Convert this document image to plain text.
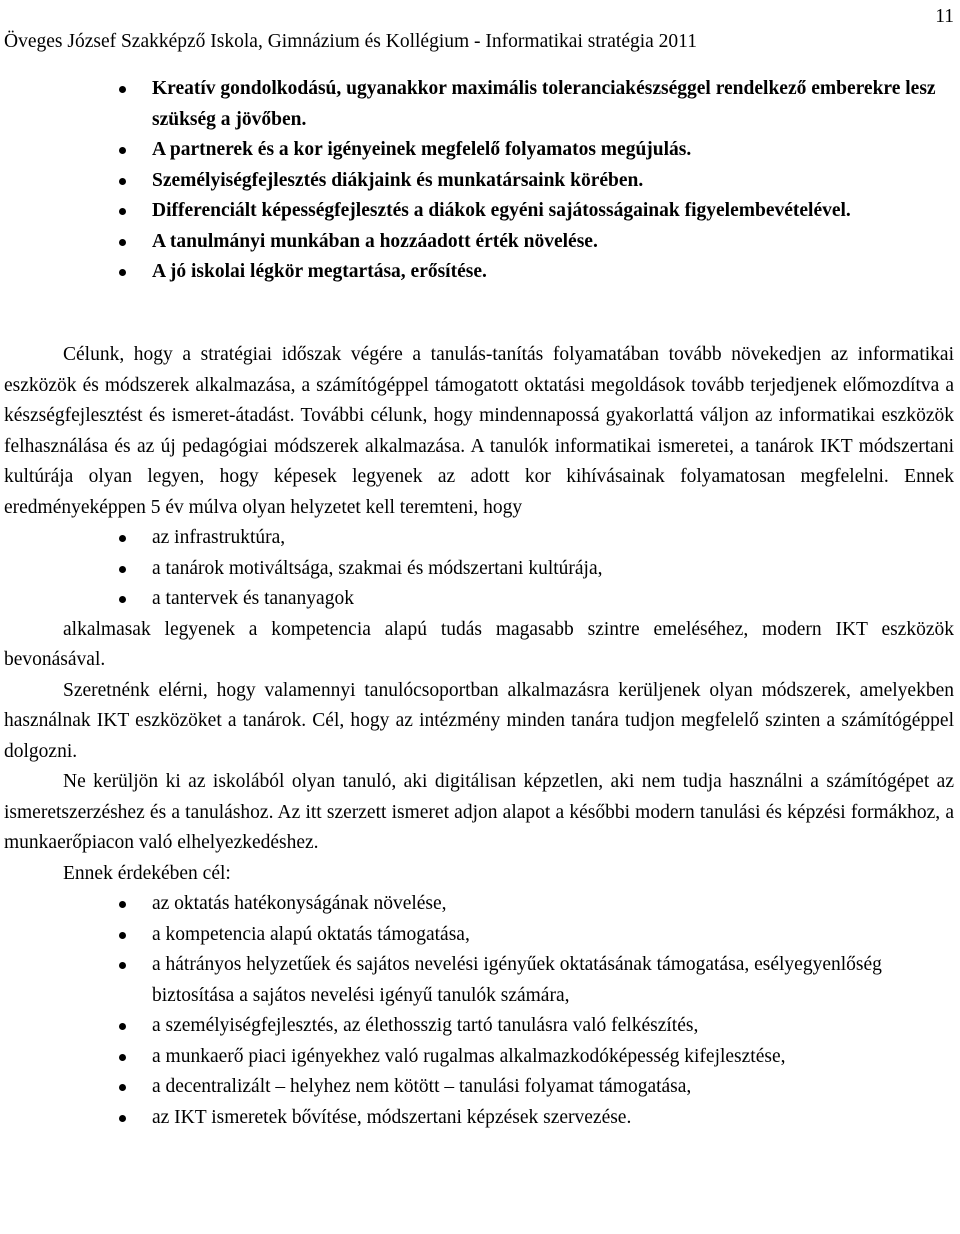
11
Öveges József Szakképző Iskola, Gimnázium és Kollégium - Informatikai stratégia 2011
Kreatív gondolkodású, ugyanakkor maximális toleranciakészséggel rendelkező emberekre lesz szükség a jövőben.
A partnerek és a kor igényeinek megfelelő folyamatos megújulás.
Személyiségfejlesztés diákjaink és munkatársaink körében.
Differenciált képességfejlesztés a diákok egyéni sajátosságainak figyelembevételével.
A tanulmányi munkában a hozzáadott érték növelése.
A jó iskolai légkör megtartása, erősítése.

Célunk, hogy a stratégiai időszak végére a tanulás-tanítás folyamatában tovább növekedjen az informatikai eszközök és módszerek alkalmazása, a számítógéppel támogatott oktatási megoldások tovább terjedjenek előmozdítva a készségfejlesztést és ismeret-átadást. További célunk, hogy mindennapossá gyakorlattá váljon az informatikai eszközök felhasználása és az új pedagógiai módszerek alkalmazása. A tanulók informatikai ismeretei, a tanárok IKT módszertani kultúrája olyan legyen, hogy képesek legyenek az adott kor kihívásainak folyamatosan megfelelni. Ennek eredményeképpen 5 év múlva olyan helyzetet kell teremteni, hogy

az infrastruktúra,
a tanárok motiváltsága, szakmai és módszertani kultúrája,
a tantervek és tananyagok

alkalmasak legyenek a kompetencia alapú tudás magasabb szintre emeléséhez, modern IKT eszközök bevonásával.

Szeretnénk elérni, hogy valamennyi tanulócsoportban alkalmazásra kerüljenek olyan módszerek, amelyekben használnak IKT eszközöket a tanárok. Cél, hogy az intézmény minden tanára tudjon megfelelő szinten a számítógéppel dolgozni.

Ne kerüljön ki az iskolából olyan tanuló, aki digitálisan képzetlen, aki nem tudja használni a számítógépet az ismeretszerzéshez és a tanuláshoz. Az itt szerzett ismeret adjon alapot a későbbi modern tanulási és képzési formákhoz, a munkaerőpiacon való elhelyezkedéshez.

Ennek érdekében cél:

az oktatás hatékonyságának növelése,
a kompetencia alapú oktatás támogatása,
a hátrányos helyzetűek és sajátos nevelési igényűek oktatásának támogatása, esélyegyenlőség biztosítása a sajátos nevelési igényű tanulók számára,
a személyiségfejlesztés, az élethosszig tartó tanulásra való felkészítés,
a munkaerő piaci igényekhez való rugalmas alkalmazkodóképesség kifejlesztése,
a decentralizált – helyhez nem kötött – tanulási folyamat támogatása,
az IKT ismeretek bővítése, módszertani képzések szervezése.
